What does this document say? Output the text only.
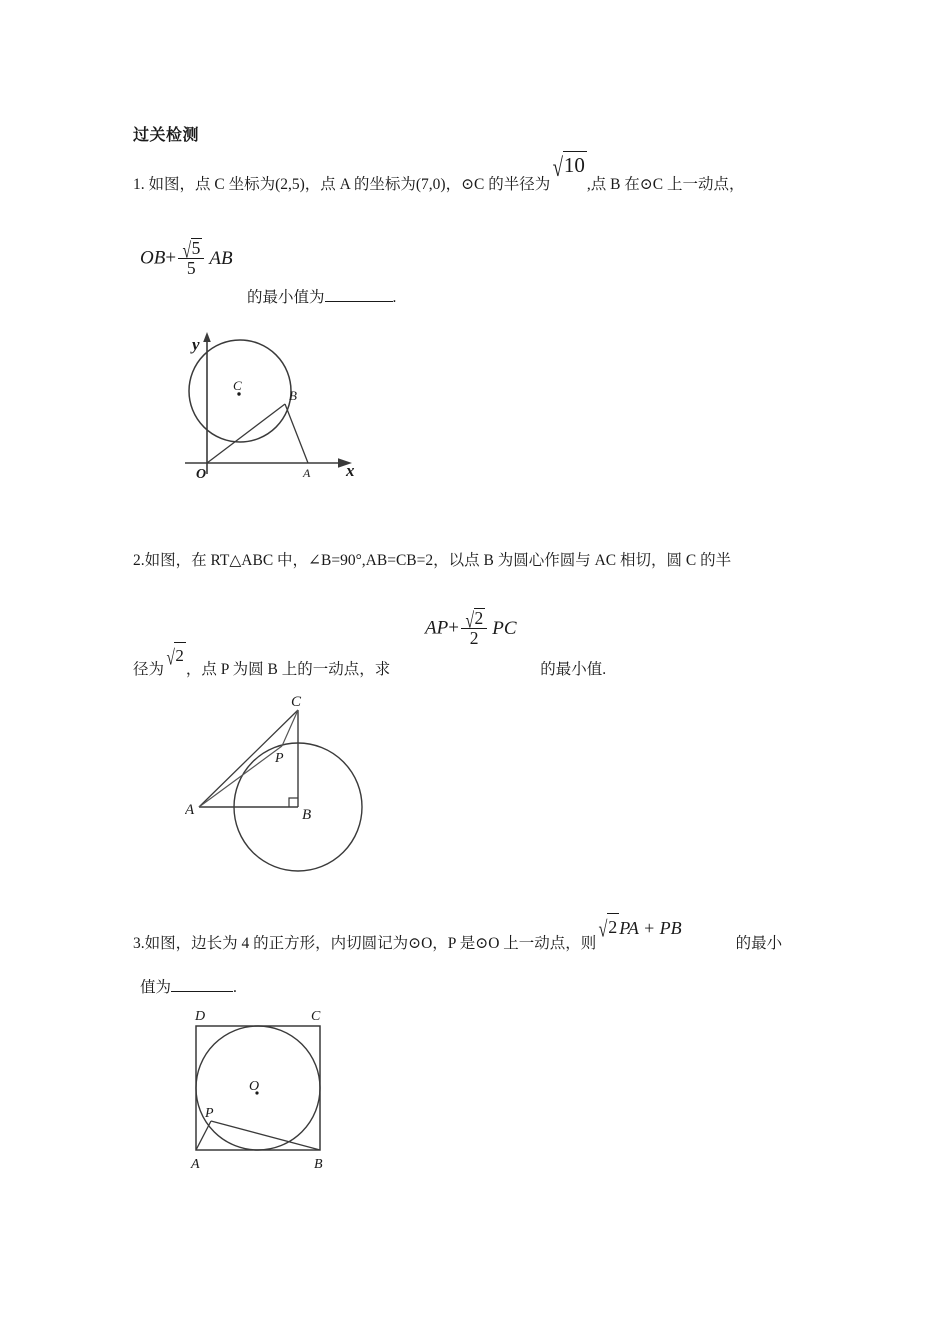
过关检测
1. 如图，点 C 坐标为(2,5)，点 A 的坐标为(7,0)，⊙C 的半径为√10,点 B 在⊙C 上一动点，
$OB+ \frac{√5}{5}$ AB
的最小值为	.
y
x
O	A
B
C
2.如图，在 RT△ABC 中，∠B=90°,AB=CB=2，以点 B 为圆心作圆与 AC 相切，圆 C 的半
$AP+ \frac{√2}{2}$ PC
径为√2，点 P 为圆 B 上的一动点，求	的最小值.
A	B
C
P
3.如图，边长为 4 的正方形，内切圆记为⊙O，P 是⊙O 上一动点，则√2 PA + PB的最小
值为	.
A	B
C
D
O
P
